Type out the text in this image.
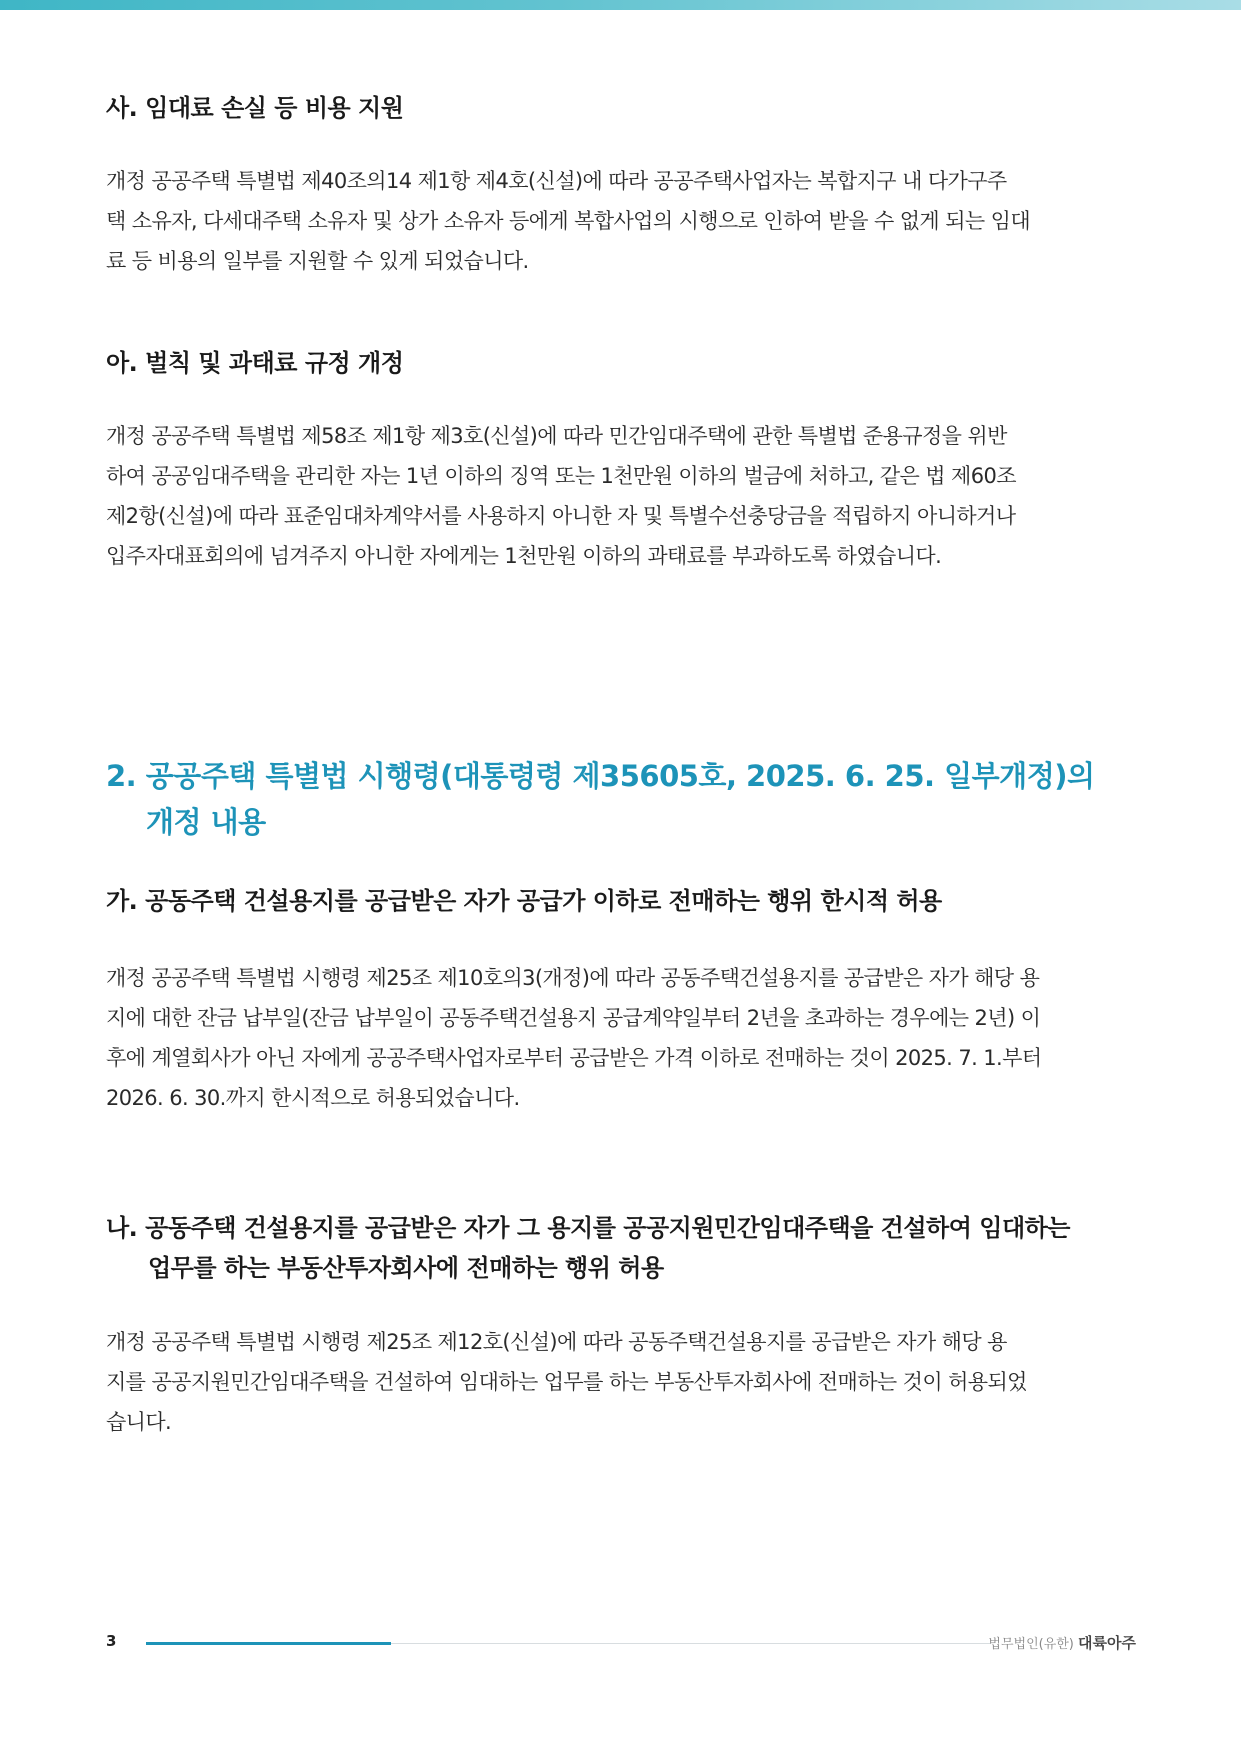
사. 임대료 손실 등 비용 지원

개정 공공주택 특별법 제40조의14 제1항 제4호(신설)에 따라 공공주택사업자는 복합지구 내 다가구주
택 소유자, 다세대주택 소유자 및 상가 소유자 등에게 복합사업의 시행으로 인하여 받을 수 없게 되는 임대
료 등 비용의 일부를 지원할 수 있게 되었습니다.

아. 벌칙 및 과태료 규정 개정

개정 공공주택 특별법 제58조 제1항 제3호(신설)에 따라 민간임대주택에 관한 특별법 준용규정을 위반
하여 공공임대주택을 관리한 자는 1년 이하의 징역 또는 1천만원 이하의 벌금에 처하고, 같은 법 제60조
제2항(신설)에 따라 표준임대차계약서를 사용하지 아니한 자 및 특별수선충당금을 적립하지 아니하거나
입주자대표회의에 넘겨주지 아니한 자에게는 1천만원 이하의 과태료를 부과하도록 하였습니다.

2. 공공주택 특별법 시행령(대통령령 제35605호, 2025. 6. 25. 일부개정)의
개정 내용
가. 공동주택 건설용지를 공급받은 자가 공급가 이하로 전매하는 행위 한시적 허용

개정 공공주택 특별법 시행령 제25조 제10호의3(개정)에 따라 공동주택건설용지를 공급받은 자가 해당 용
지에 대한 잔금 납부일(잔금 납부일이 공동주택건설용지 공급계약일부터 2년을 초과하는 경우에는 2년) 이
후에 계열회사가 아닌 자에게 공공주택사업자로부터 공급받은 가격 이하로 전매하는 것이 2025. 7. 1.부터
2026. 6. 30.까지 한시적으로 허용되었습니다.

나. 공동주택 건설용지를 공급받은 자가 그 용지를 공공지원민간임대주택을 건설하여 임대하는
업무를 하는 부동산투자회사에 전매하는 행위 허용

개정 공공주택 특별법 시행령 제25조 제12호(신설)에 따라 공동주택건설용지를 공급받은 자가 해당 용
지를 공공지원민간임대주택을 건설하여 임대하는 업무를 하는 부동산투자회사에 전매하는 것이 허용되었
습니다.

3	법무법인(유한) 대륙아주
